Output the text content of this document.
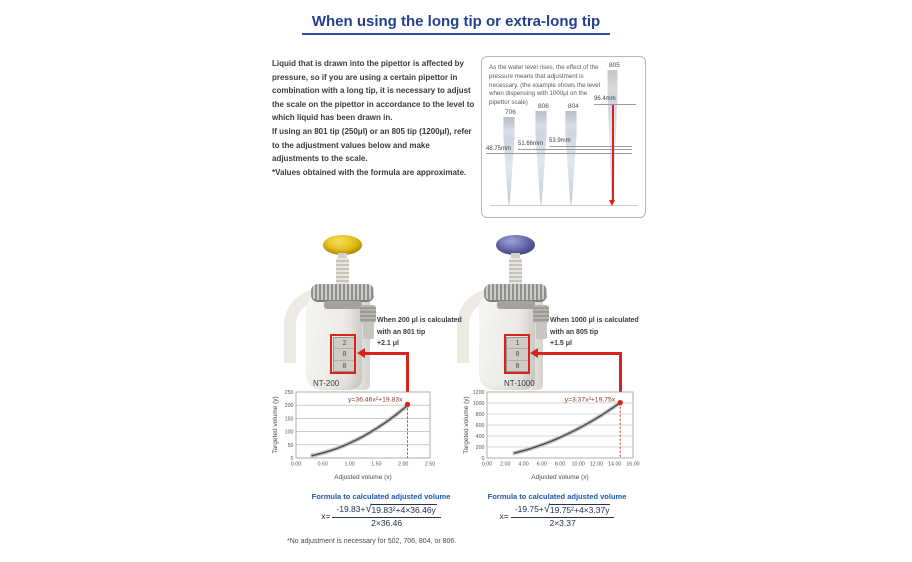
When using the long tip or extra-long tip

Liquid that is drawn into the pipettor is affected by pressure, so if you are using a certain pipettor in combination with a long tip, it is necessary to adjust the scale on the pipettor in accordance to the level to which liquid has been drawn in.

If using an 801 tip (250μl) or an 805 tip (1200μl), refer to the adjustment values below and make adjustments to the scale.

*Values obtained with the formula are approximate.

As the water level rises, the effect of the pressure means that adjustment is necessary. (the example shows the level when dispensing with 1000μl on the pipettor scale)
706
806	804
805
48.75mm
51.66mm 53.9mm
96.4mm
2
0
0
1
0
0
When 200 μl is calculated
with an 801 tip
+2.1 μl
When 1000 μl is calculated
with an 805 tip
+1.5 μl
NT-200
0
50
100
150
200
250
0.00	0.50	1.00	1.50	2.00	2.50
Adjusted volume (x)
Targeted volume (y)	y=36.46x²+19.83x
NT-1000
0
200
400
600
800
1000
1200
0.00 2.00 4.00 6.00 8.00 10.00 12.00 14.00 16.00
Adjusted volume (x)
Targeted volume (y)	y=3.37x²+19.75x
Formula to calculated adjusted volume
$x= \frac{\text{-19.83+ √ 19.83²+4×36.46y}}{2\times 36.46}$
Formula to calculated adjusted volume
$x= \frac{\text{-19.75+ √ 19.75²+4×3.37y}}{2\times 3.37}$
*No adjustment is necessary for 502, 706, 804, or 806.
